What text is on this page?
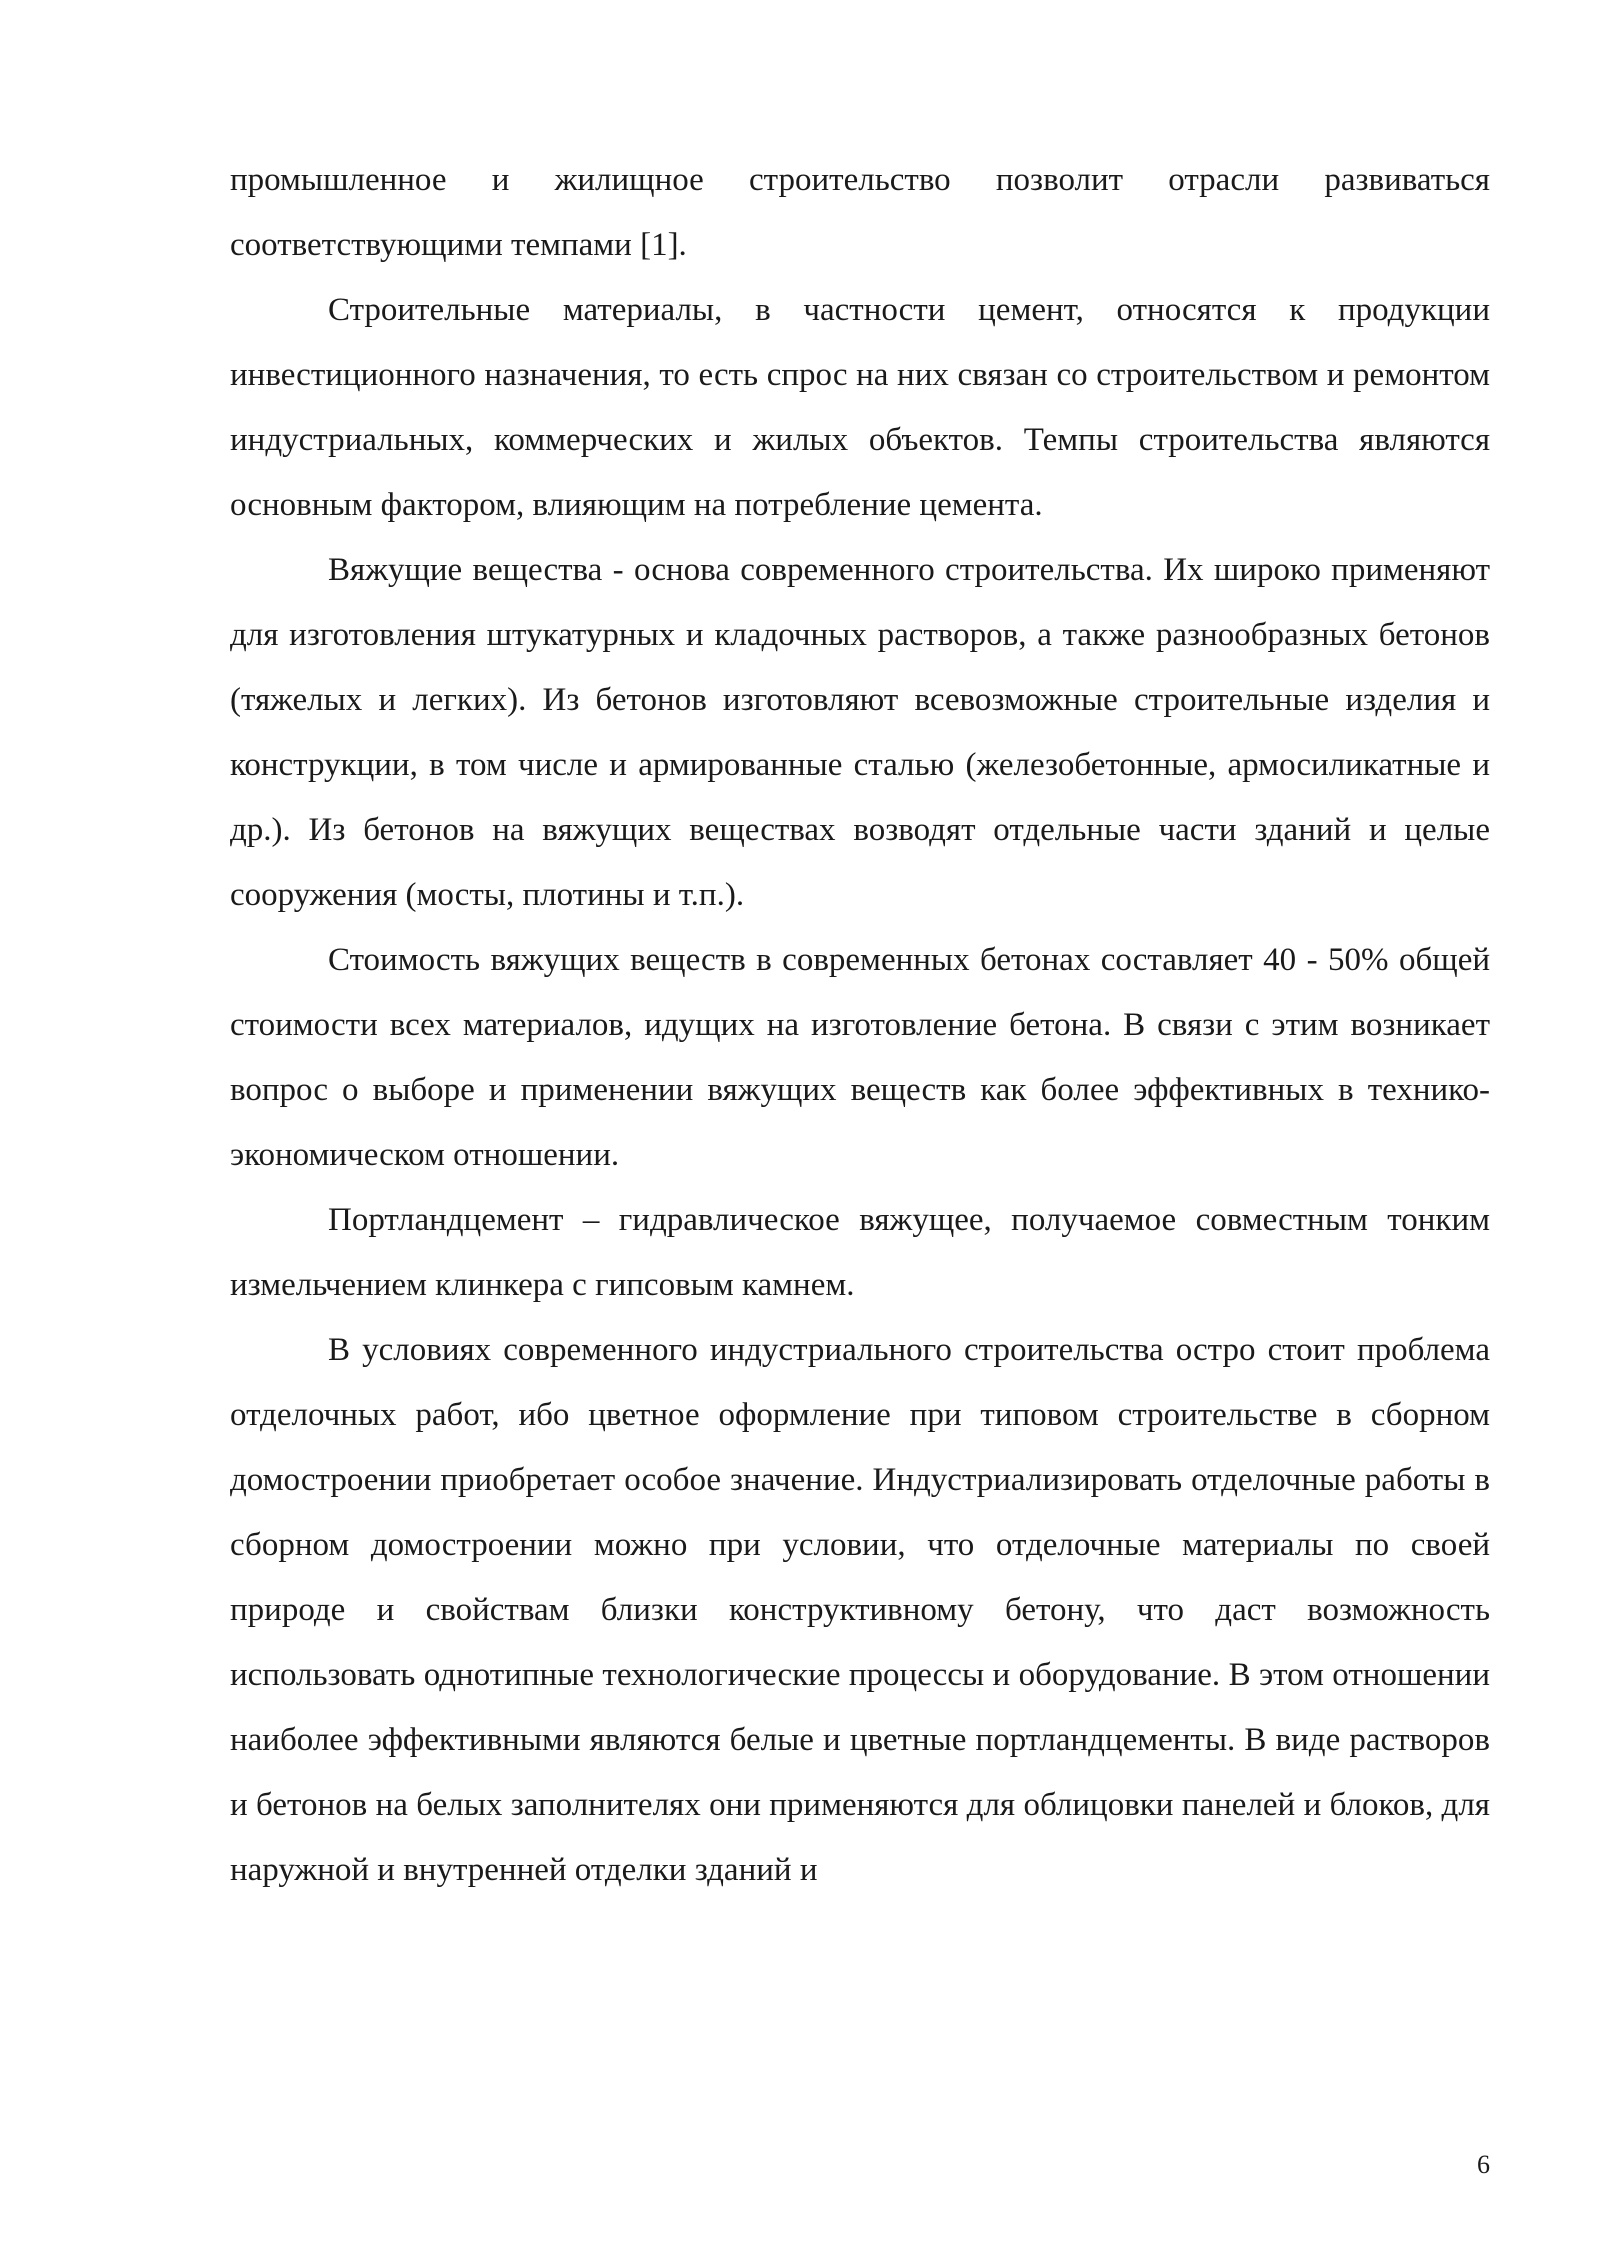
промышленное и жилищное строительство позволит отрасли развиваться соответствующими темпами [1].

Строительные материалы, в частности цемент, относятся к продукции инвестиционного назначения, то есть спрос на них связан со строительством и ремонтом индустриальных, коммерческих и жилых объектов. Темпы строительства являются основным фактором, влияющим на потребление цемента.

Вяжущие вещества - основа современного строительства. Их широко применяют для изготовления штукатурных и кладочных растворов, а также разнообразных бетонов (тяжелых и легких). Из бетонов изготовляют всевозможные строительные изделия и конструкции, в том числе и армированные сталью (железобетонные, армосиликатные и др.). Из бетонов на вяжущих веществах возводят отдельные части зданий и целые сооружения (мосты, плотины и т.п.).

Стоимость вяжущих веществ в современных бетонах составляет 40 - 50% общей стоимости всех материалов, идущих на изготовление бетона. В связи с этим возникает вопрос о выборе и применении вяжущих веществ как более эффективных в технико-экономическом отношении.

Портландцемент – гидравлическое вяжущее, получаемое совместным тонким измельчением клинкера с гипсовым камнем.

В условиях современного индустриального строительства остро стоит проблема отделочных работ, ибо цветное оформление при типовом строительстве в сборном домостроении приобретает особое значение. Индустриализировать отделочные работы в сборном домостроении можно при условии, что отделочные материалы по своей природе и свойствам близки конструктивному бетону, что даст возможность использовать однотипные технологические процессы и оборудование. В этом отношении наиболее эффективными являются белые и цветные портландцементы. В виде растворов и бетонов на белых заполнителях они применяются для облицовки панелей и блоков, для наружной и внутренней отделки зданий и

6
